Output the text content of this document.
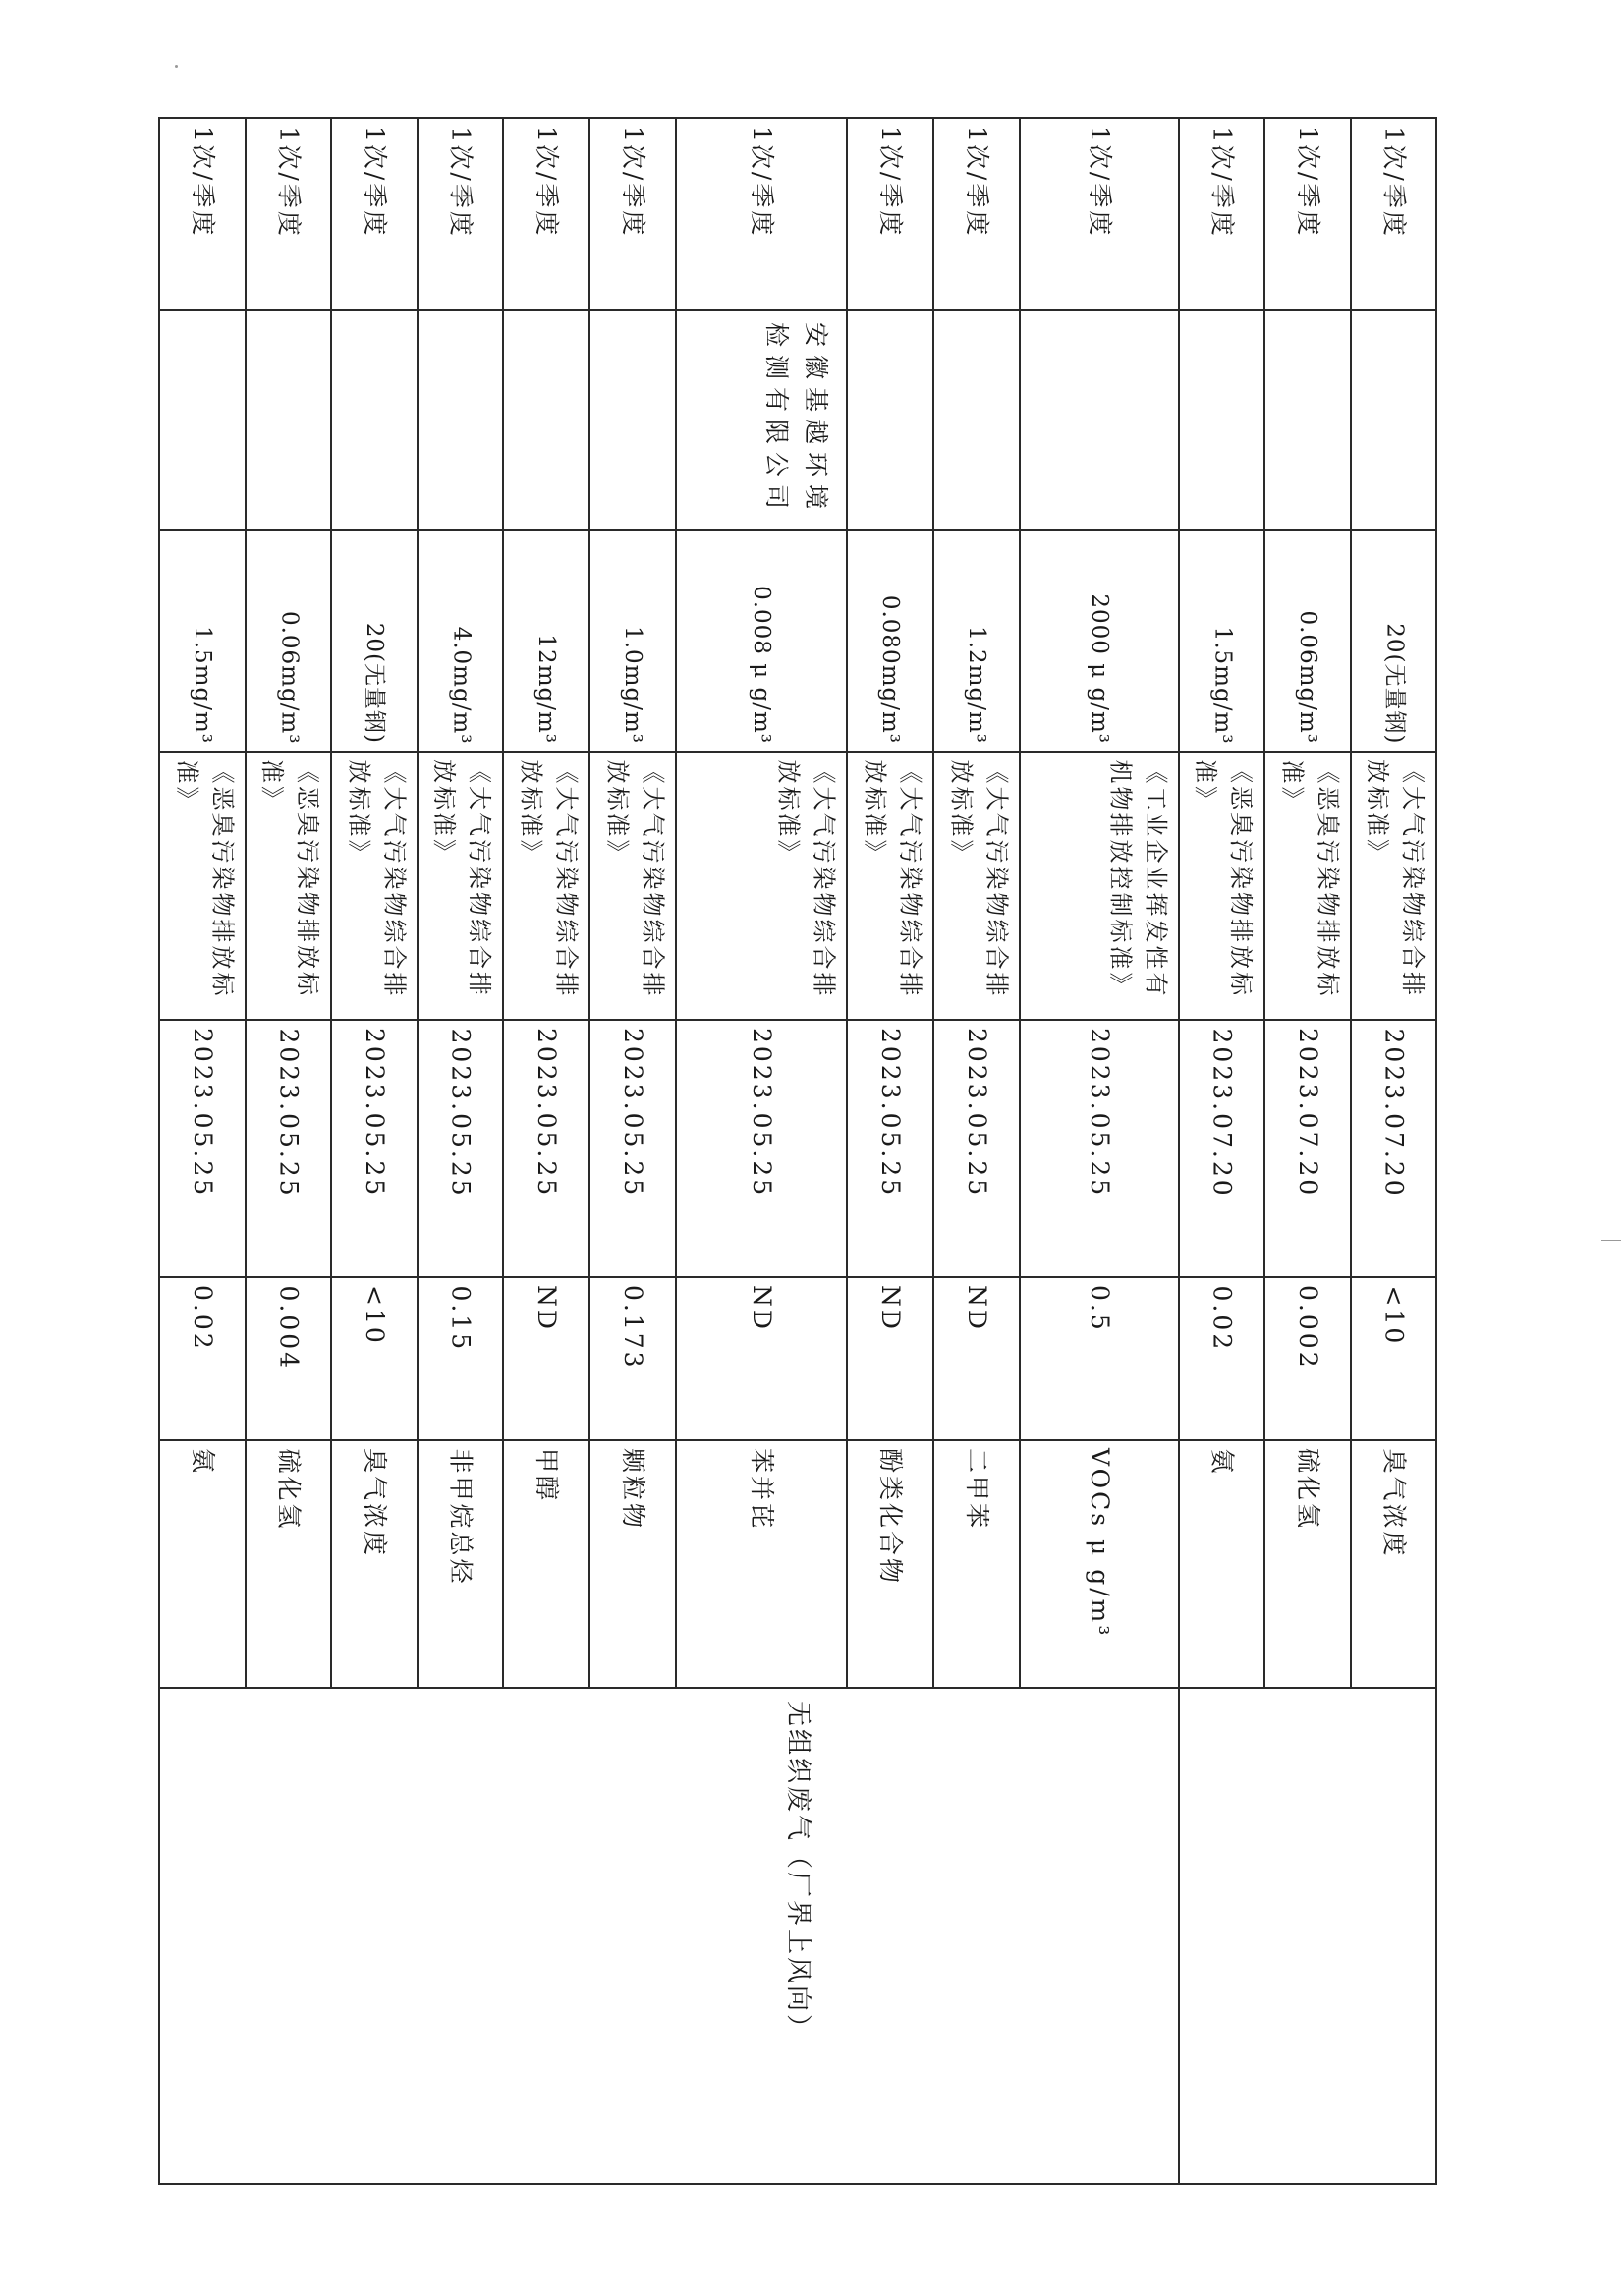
无组织废气（厂界上风向）
安徽基越环境检测有限公司
1次/季度
1.5mg/m³
《恶臭污染物排放标准》
2023.05.25
0.02
氨
1次/季度
0.06mg/m³
《恶臭污染物排放标准》
2023.05.25
0.004
硫化氢
1次/季度
20(无量钢)
《大气污染物综合排放标准》
2023.05.25
<10
臭气浓度
1次/季度
4.0mg/m³
《大气污染物综合排放标准》
2023.05.25
0.15
非甲烷总烃
1次/季度
12mg/m³
《大气污染物综合排放标准》
2023.05.25
ND
甲醇
1次/季度
1.0mg/m³
《大气污染物综合排放标准》
2023.05.25
0.173
颗粒物
1次/季度
0.008 μ g/m³
《大气污染物综合排放标准》
2023.05.25
ND
苯并芘
1次/季度
0.080mg/m³
《大气污染物综合排放标准》
2023.05.25
ND
酚类化合物
1次/季度
1.2mg/m³
《大气污染物综合排放标准》
2023.05.25
ND
二甲苯
1次/季度
2000 μ g/m³
《工业企业挥发性有机物排放控制标准》
2023.05.25
0.5
VOCs μ g/m³
1次/季度
1.5mg/m³
《恶臭污染物排放标准》
2023.07.20
0.02
氨
1次/季度
0.06mg/m³
《恶臭污染物排放标准》
2023.07.20
0.002
硫化氢
1次/季度
20(无量钢)
《大气污染物综合排放标准》
2023.07.20
<10
臭气浓度
